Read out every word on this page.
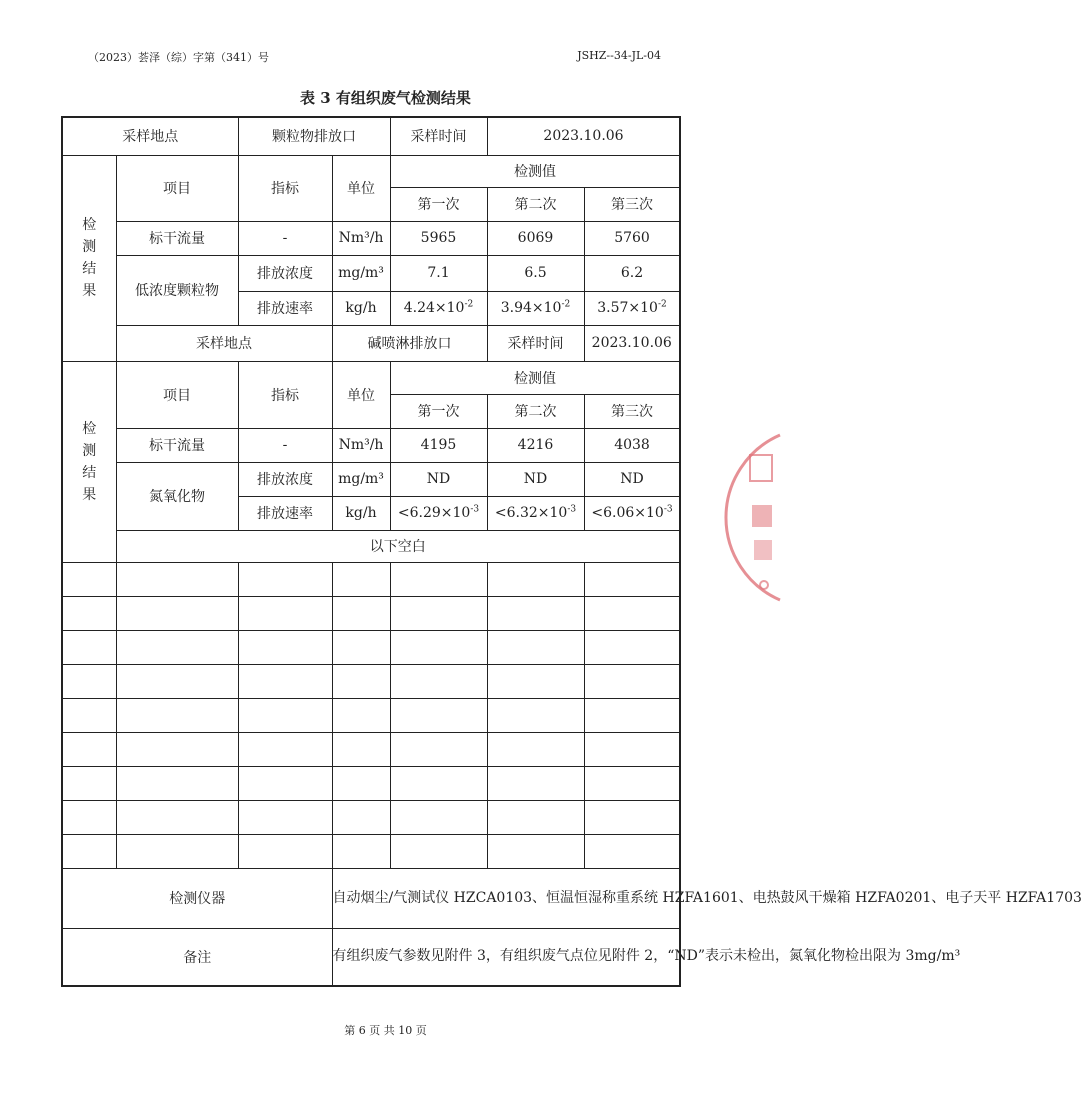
（2023）荟泽（综）字第（341）号	JSHZ--34-JL-04
表 3 有组织废气检测结果
采样地点		颗粒物排放口		采样时间	2023.10.06	
检
测
结
果	项目	指标	单位	检测值		
				第一次	第二次	第三次
	标干流量	-	Nm³/h	5965	6069	5760
	低浓度颗粒物	排放浓度	mg/m³	7.1	6.5	6.2
		排放速率	kg/h	$4.24\times 10^{-2}$	$3.94\times 10^{-2}$	$3.57\times 10^{-2}$
	采样地点		碱喷淋排放口		采样时间	2023.10.06
检
测
结
果	项目	指标	单位	检测值		
				第一次	第二次	第三次
	标干流量	-	Nm³/h	4195	4216	4038
	氮氧化物	排放浓度	mg/m³	ND	ND	ND
		排放速率	kg/h	$<6.29\times 10^{-3}$	$<6.32\times 10^{-3}$	$<6.06\times 10^{-3}$
	以下空白					

检测仪器			自动烟尘/气测试仪 HZCA0103、恒温恒湿称重系统 HZFA1601、电热鼓风干燥箱 HZFA0201、电子天平 HZFA1703			
备注			有组织废气参数见附件 3，有组织废气点位见附件 2，“ND”表示未检出，氮氧化物检出限为 3mg/m³			
第 6 页 共 10 页
